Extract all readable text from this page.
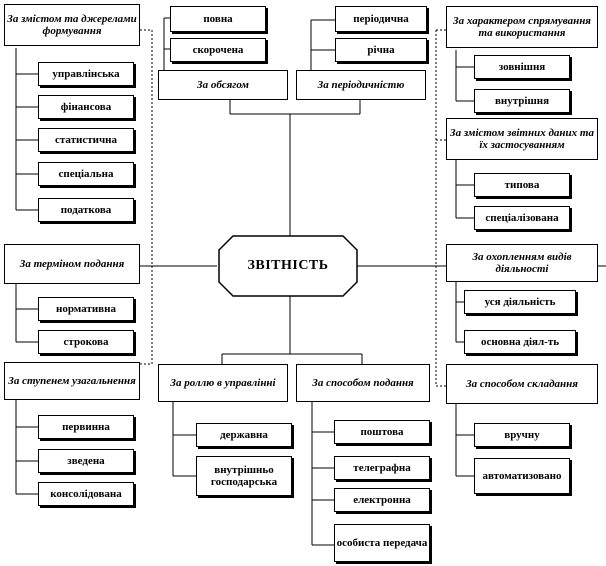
ЗВІТНІСТЬ
За змістом та джерелами формування
За обсягом	За періодичністю
За характером спрямування та використання
За змістом звітних даних та їх застосуванням
За терміном подання
За охопленням видів діяльності
За ступенем узагальнення	За роллю в управлінні	За способом подання	За способом складання
повна
скорочена
періодична
річна
управлінська
фінансова
статистична
спеціальна
податкова
нормативна
строкова
первинна
зведена
консолідована
зовнішня
внутрішня
типова
спеціалізована
уся діяльність
основна діял-ть
вручну
автоматизовано
державна
внутрішньо господарська
поштова
телеграфна
електронна
особиста передача
